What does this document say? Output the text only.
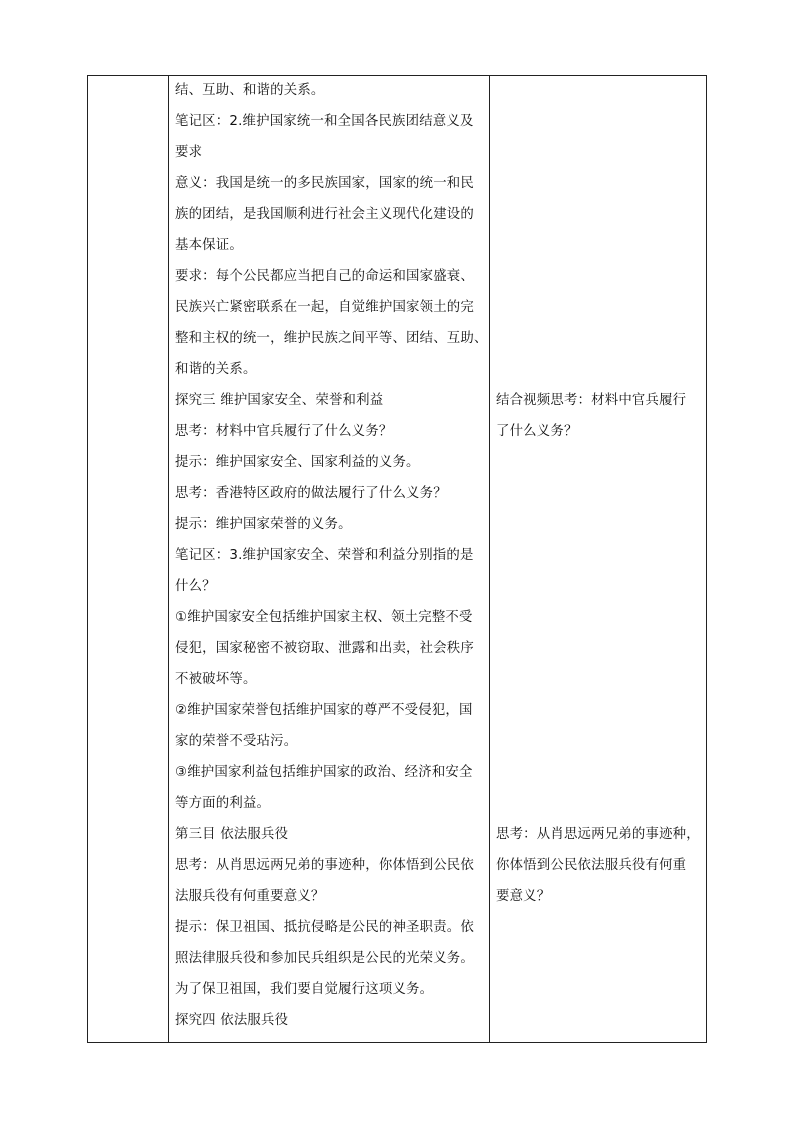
结、互助、和谐的关系。
笔记区：2.维护国家统一和全国各民族团结意义及
要求
意义：我国是统一的多民族国家，国家的统一和民
族的团结，是我国顺利进行社会主义现代化建设的
基本保证。
要求：每个公民都应当把自己的命运和国家盛衰、
民族兴亡紧密联系在一起，自觉维护国家领土的完
整和主权的统一，维护民族之间平等、团结、互助、
和谐的关系。
探究三 维护国家安全、荣誉和利益
思考：材料中官兵履行了什么义务？
提示：维护国家安全、国家利益的义务。
思考：香港特区政府的做法履行了什么义务？
提示：维护国家荣誉的义务。
笔记区：3.维护国家安全、荣誉和利益分别指的是
什么？
①维护国家安全包括维护国家主权、领土完整不受
侵犯，国家秘密不被窃取、泄露和出卖，社会秩序
不被破坏等。
②维护国家荣誉包括维护国家的尊严不受侵犯，国
家的荣誉不受玷污。
③维护国家利益包括维护国家的政治、经济和安全
等方面的利益。
第三目 依法服兵役
思考：从肖思远两兄弟的事迹种，你体悟到公民依
法服兵役有何重要意义？
提示：保卫祖国、抵抗侵略是公民的神圣职责。依
照法律服兵役和参加民兵组织是公民的光荣义务。
为了保卫祖国，我们要自觉履行这项义务。
探究四 依法服兵役
结合视频思考：材料中官兵履行
了什么义务？
思考：从肖思远两兄弟的事迹种，
你体悟到公民依法服兵役有何重
要意义？
